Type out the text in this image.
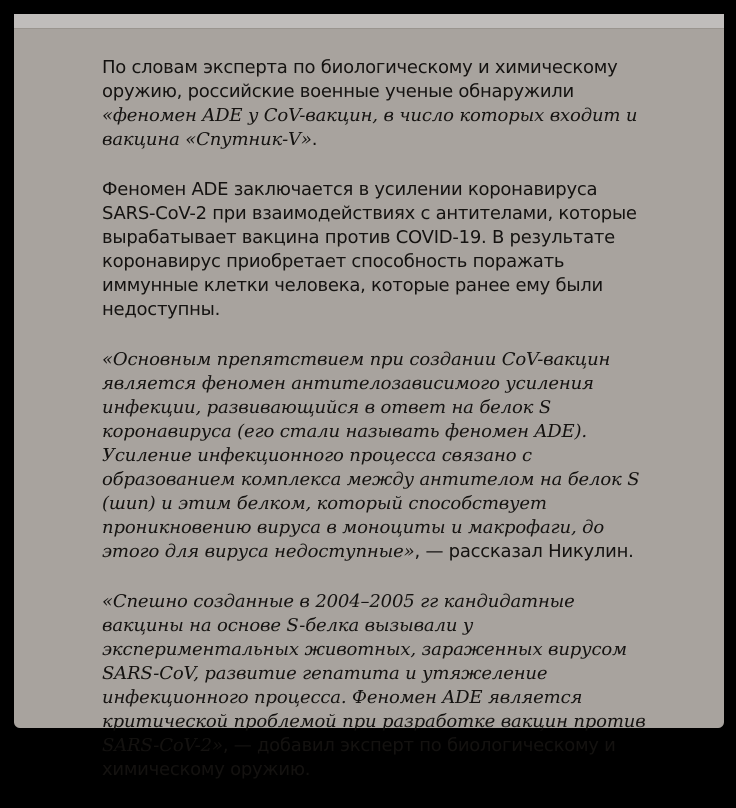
По словам эксперта по биологическому и химическому оружию, российские военные ученые обнаружили «феномен ADE у CoV-вакцин, в число которых входит и вакцина «Спутник-V».

Феномен ADE заключается в усилении коронавируса SARS-CoV-2 при взаимодействиях с антителами, которые вырабатывает вакцина против COVID-19. В результате коронавирус приобретает способность поражать иммунные клетки человека, которые ранее ему были недоступны.

«Основным препятствием при создании CoV-вакцин является феномен антителозависимого усиления инфекции, развивающийся в ответ на белок S коронавируса (его стали называть феномен ADE). Усиление инфекционного процесса связано с образованием комплекса между антителом на белок S (шип) и этим белком, который способствует проникновению вируса в моноциты и макрофаги, до этого для вируса недоступные», — рассказал Никулин.

«Спешно созданные в 2004–2005 гг кандидатные вакцины на основе S-белка вызывали у экспериментальных животных, зараженных вирусом SARS-CoV, развитие гепатита и утяжеление инфекционного процесса. Феномен ADE является критической проблемой при разработке вакцин против SARS-CoV-2», — добавил эксперт по биологическому и химическому оружию.
